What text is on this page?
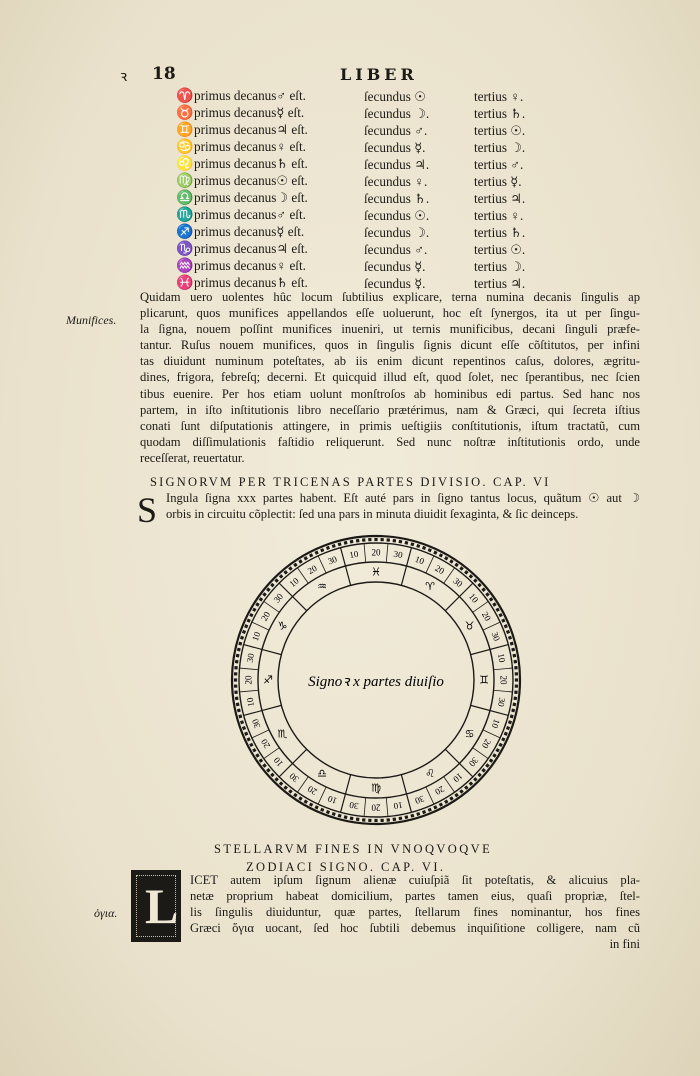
ꝛ 18	LIBER
♈primus decanus♂ eſt.	ſecundus ☉	tertius ♀.
♉primus decanus☿ eſt.	ſecundus ☽.	tertius ♄.
♊primus decanus♃ eſt.	ſecundus ♂.	tertius ☉.
♋primus decanus♀ eſt.	ſecundus ☿.	tertius ☽.
♌primus decanus♄ eſt.	ſecundus ♃.	tertius ♂.
♍primus decanus☉ eſt.	ſecundus ♀.	tertius ☿.
♎primus decanus☽ eſt.	ſecundus ♄.	tertius ♃.
♏primus decanus♂ eſt.	ſecundus ☉.	tertius ♀.
♐primus decanus☿ eſt.	ſecundus ☽.	tertius ♄.
♑primus decanus♃ eſt.	ſecundus ♂.	tertius ☉.
♒primus decanus♀ eſt.	ſecundus ☿.	tertius ☽.
♓primus decanus♄ eſt.	ſecundus ☿.	tertius ♃.
Munifices.
Quidam uero uolentes hûc locum ſubtilius explicare, terna numina decanis ſingulis ap
plicarunt, quos munifices appellandos eſſe uoluerunt, hoc eſt ſynergos, ita ut per ſingu-
la ſigna, nouem poſſint munifices inueniri, ut ternis munificibus, decani ſinguli præfe-
tantur. Ruſus nouem munifices, quos in ſingulis ſignis dicunt eſſe cõſtitutos, per infini
tas diuidunt numinum poteſtates, ab iis enim dicunt repentinos caſus, dolores, ægritu-
dines, frigora, febreſq; decerni. Et quicquid illud eſt, quod ſolet, nec ſperantibus, nec ſcien
tibus euenire. Per hos etiam uolunt monſtroſos ab hominibus edi partus. Sed hanc nos
partem, in iſto inſtitutionis libro neceſſario prætérimus, nam & Græci, qui ſecreta iſtius
conati ſunt diſputationis attingere, in primis ueſtigiis conſtitutionis, iſtum tractatũ, cum
quodam diſſimulationis faſtidio reliquerunt. Sed nunc noſtræ inſtitutionis ordo, unde
receſſerat, reuertatur.
SIGNORVM PER TRICENAS PARTES DIVISIO. CAP. VI
S Ingula ſigna xxx partes habent. Eſt auté pars in ſigno tantus locus, quãtum ☉ aut ☽
orbis in circuitu cõplectit: ſed una pars in minuta diuidit ſexaginta, & ſic deinceps.
10
20
30
♈
10
20
30
♉
10
20
30
♊
10
20
30
♋
10
20
30
♌
10
20
30
♍
10
20
30 ♎
10
20
30
♏
10
20
30
♐
10
20
30
♑
10
20
30
♒
10 20 30
♓
Signoꝛ x partes diuiſio
STELLARVM FINES IN VNOQVOQVE
ZODIACI SIGNO. CAP. VI.
L
ὁγια.
ICET autem ipſum ſignum alienæ cuiuſpiã ſit poteſtatis, & alicuius pla-
netæ proprium habeat domicilium, partes tamen eius, quaſi propriæ, ſtel-
lis ſingulis diuiduntur, quæ partes, ſtellarum fines nominantur, hos fines
Græci ὅγια uocant, ſed hoc ſubtili debemus inquiſitione colligere, nam cũ
in fini
